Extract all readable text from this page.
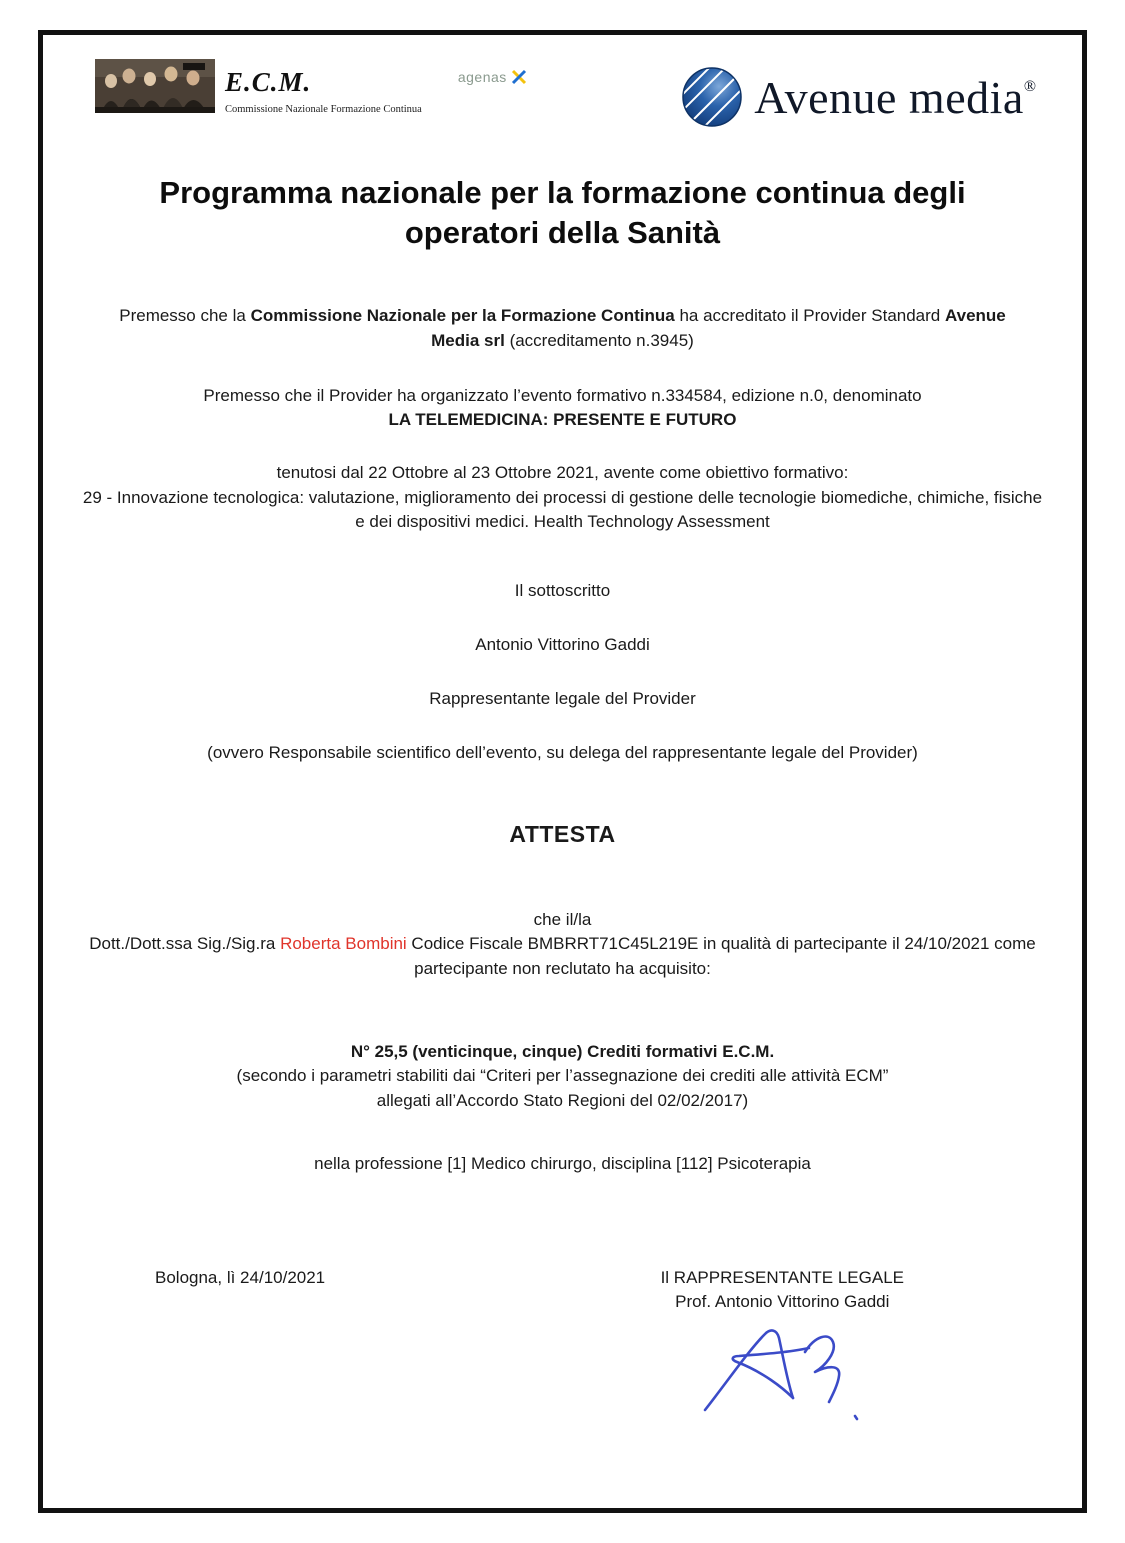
E.C.M.
Commissione Nazionale Formazione Continua
agenas	Avenue media®
Programma nazionale per la formazione continua degli operatori della Sanità
Premesso che la Commissione Nazionale per la Formazione Continua ha accreditato il Provider Standard Avenue Media srl (accreditamento n.3945)
Premesso che il Provider ha organizzato l’evento formativo n.334584, edizione n.0, denominato
LA TELEMEDICINA: PRESENTE E FUTURO
tenutosi dal 22 Ottobre al 23 Ottobre 2021, avente come obiettivo formativo:
29 - Innovazione tecnologica: valutazione, miglioramento dei processi di gestione delle tecnologie biomediche, chimiche, fisiche e dei dispositivi medici. Health Technology Assessment
Il sottoscritto
Antonio Vittorino Gaddi
Rappresentante legale del Provider
(ovvero Responsabile scientifico dell’evento, su delega del rappresentante legale del Provider)
ATTESTA
che il/la
Dott./Dott.ssa Sig./Sig.ra Roberta Bombini Codice Fiscale BMBRRT71C45L219E in qualità di partecipante il 24/10/2021 come partecipante non reclutato ha acquisito:
N° 25,5 (venticinque, cinque) Crediti formativi E.C.M.
(secondo i parametri stabiliti dai “Criteri per l’assegnazione dei crediti alle attività ECM”
allegati all’Accordo Stato Regioni del 02/02/2017)
nella professione [1] Medico chirurgo, disciplina [112] Psicoterapia
Bologna, lì 24/10/2021	Il RAPPRESENTANTE LEGALE
Prof. Antonio Vittorino Gaddi
